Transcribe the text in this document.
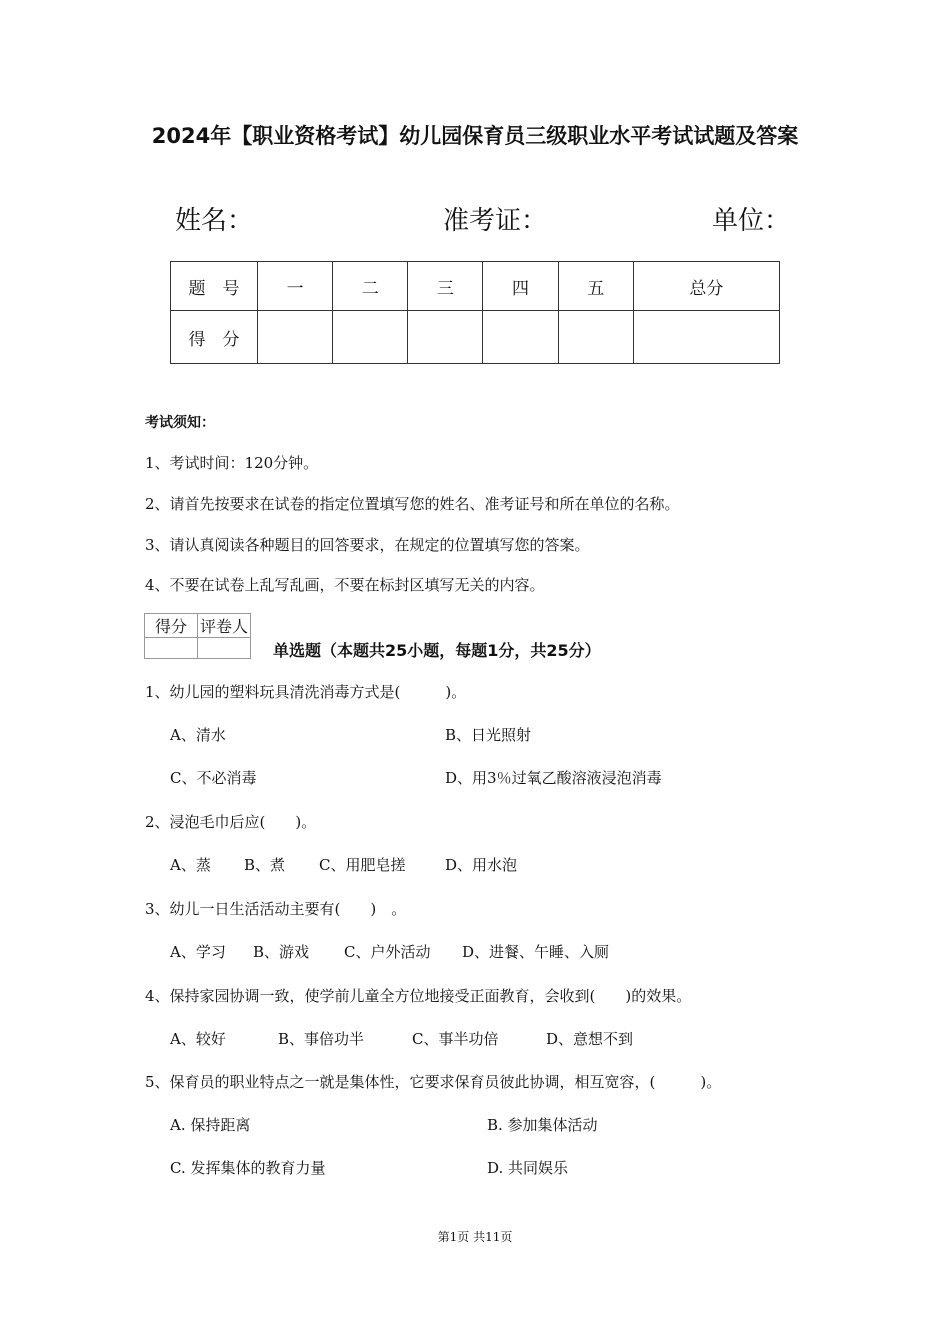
2024年【职业资格考试】幼儿园保育员三级职业水平考试试题及答案
姓名：	准考证：	单位：
题　号	一	二	三	四	五	总分
得　分						
考试须知：
1、考试时间：120分钟。
2、请首先按要求在试卷的指定位置填写您的姓名、准考证号和所在单位的名称。
3、请认真阅读各种题目的回答要求，在规定的位置填写您的答案。
4、不要在试卷上乱写乱画，不要在标封区填写无关的内容。
得分	评卷人

单选题（本题共25小题，每题1分，共25分）
1、幼儿园的塑料玩具清洗消毒方式是(　　　)。
A、清水	B、日光照射
C、不必消毒	D、用3％过氧乙酸溶液浸泡消毒
2、浸泡毛巾后应(　　)。
A、蒸 B、煮 C、用肥皂搓	D、用水泡
3、幼儿一日生活活动主要有(　　)　。
A、学习 B、游戏 C、户外活动 D、进餐、午睡、入厕
4、保持家园协调一致，使学前儿童全方位地接受正面教育，会收到(　　)的效果。
A、较好	B、事倍功半	C、事半功倍	D、意想不到
5、保育员的职业特点之一就是集体性，它要求保育员彼此协调，相互宽容，(　　　)。
A. 保持距离	B. 参加集体活动
C. 发挥集体的教育力量	D. 共同娱乐
第1页 共11页
